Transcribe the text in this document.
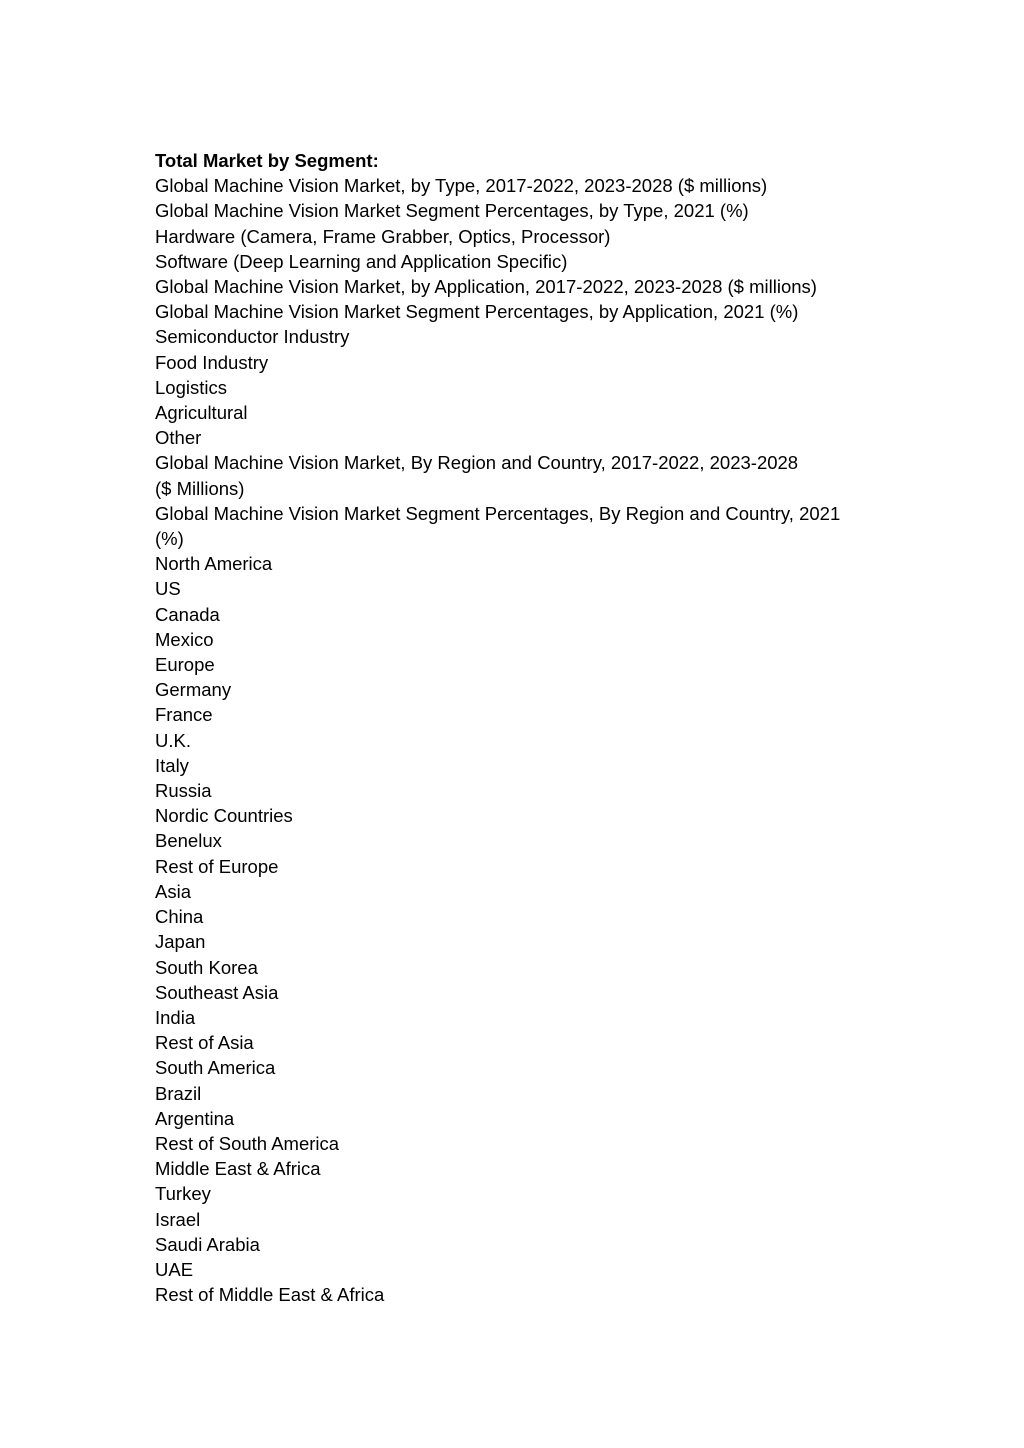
Total Market by Segment:

Global Machine Vision Market, by Type, 2017-2022, 2023-2028 ($ millions)
Global Machine Vision Market Segment Percentages, by Type, 2021 (%)
Hardware (Camera, Frame Grabber, Optics, Processor)
Software (Deep Learning and Application Specific)
Global Machine Vision Market, by Application, 2017-2022, 2023-2028 ($ millions)
Global Machine Vision Market Segment Percentages, by Application, 2021 (%)
Semiconductor Industry
Food Industry
Logistics
Agricultural
Other
Global Machine Vision Market, By Region and Country, 2017-2022, 2023-2028
($ Millions)
Global Machine Vision Market Segment Percentages, By Region and Country, 2021
(%)
North America
US
Canada
Mexico
Europe
Germany
France
U.K.
Italy
Russia
Nordic Countries
Benelux
Rest of Europe
Asia
China
Japan
South Korea
Southeast Asia
India
Rest of Asia
South America
Brazil
Argentina
Rest of South America
Middle East & Africa
Turkey
Israel
Saudi Arabia
UAE
Rest of Middle East & Africa
